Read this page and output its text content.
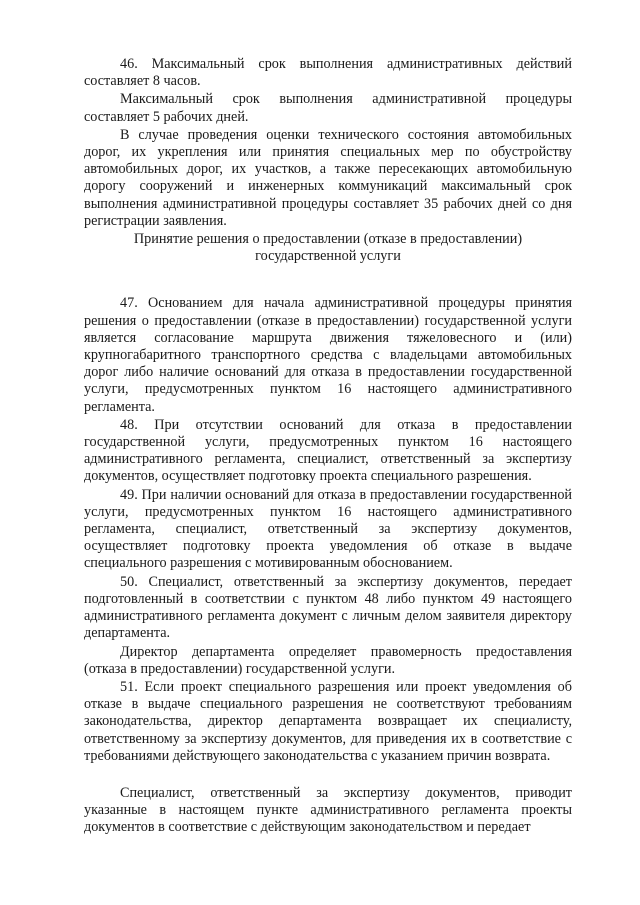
46. Максимальный срок выполнения административных действий составляет 8 часов.

Максимальный срок выполнения административной процедуры составляет 5 рабочих дней.

В случае проведения оценки технического состояния автомобильных дорог, их укрепления или принятия специальных мер по обустройству автомобильных дорог, их участков, а также пересекающих автомобильную дорогу сооружений и инженерных коммуникаций максимальный срок выполнения административной процедуры составляет 35 рабочих дней со дня регистрации заявления.

Принятие решения о предоставлении (отказе в предоставлении) государственной услуги

47. Основанием для начала административной процедуры принятия решения о предоставлении (отказе в предоставлении) государственной услуги является согласование маршрута движения тяжеловесного и (или) крупногабаритного транспортного средства с владельцами автомобильных дорог либо наличие оснований для отказа в предоставлении государственной услуги, предусмотренных пунктом 16 настоящего административного регламента.

48. При отсутствии оснований для отказа в предоставлении государственной услуги, предусмотренных пунктом 16 настоящего административного регламента, специалист, ответственный за экспертизу документов, осуществляет подготовку проекта специального разрешения.

49. При наличии оснований для отказа в предоставлении государственной услуги, предусмотренных пунктом 16 настоящего административного регламента, специалист, ответственный за экспертизу документов, осуществляет подготовку проекта уведомления об отказе в выдаче специального разрешения с мотивированным обоснованием.

50. Специалист, ответственный за экспертизу документов, передает подготовленный в соответствии с пунктом 48 либо пунктом 49 настоящего административного регламента документ с личным делом заявителя директору департамента.

Директор департамента определяет правомерность предоставления (отказа в предоставлении) государственной услуги.

51. Если проект специального разрешения или проект уведомления об отказе в выдаче специального разрешения не соответствуют требованиям законодательства, директор департамента возвращает их специалисту, ответственному за экспертизу документов, для приведения их в соответствие с требованиями действующего законодательства с указанием причин возврата.

Специалист, ответственный за экспертизу документов, приводит указанные в настоящем пункте административного регламента проекты документов в соответствие с действующим законодательством и передает
